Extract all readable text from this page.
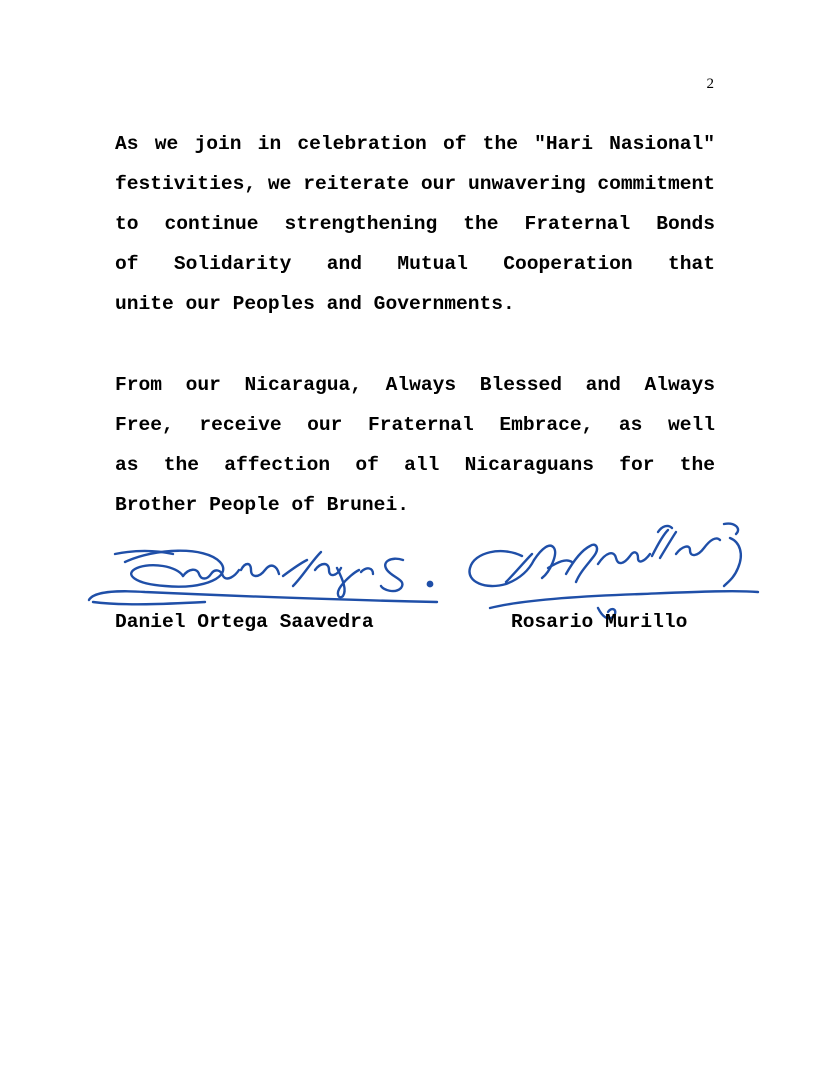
2
As we join in celebration of the "Hari Nasional"
festivities, we reiterate our unwavering commitment
to continue strengthening the Fraternal Bonds
of Solidarity and Mutual Cooperation that
unite our Peoples and Governments.
From our Nicaragua, Always Blessed and Always
Free, receive our Fraternal Embrace, as well
as the affection of all Nicaraguans for the
Brother People of Brunei.
Daniel Ortega Saavedra	Rosario Murillo
